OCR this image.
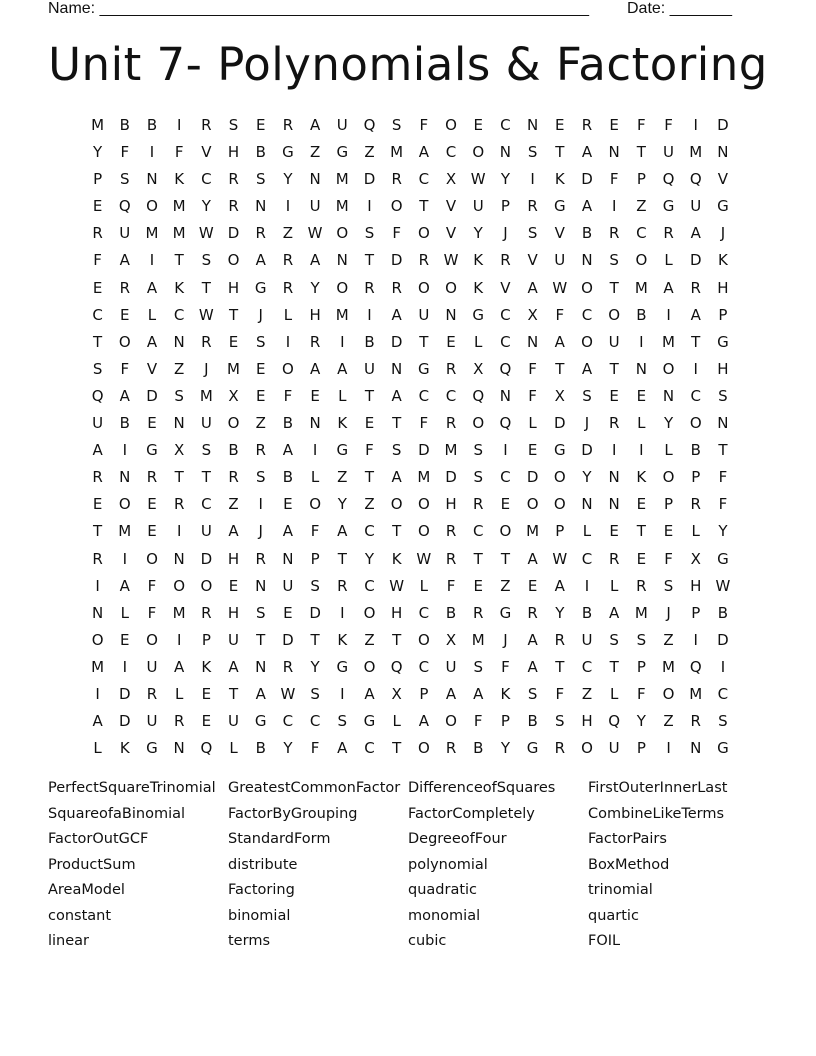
Name: _______________________________________________________ Date: _______
Unit 7- Polynomials & Factoring
M	B	B	I	R	S	E	R	A	U	Q	S	F	O	E	C	N	E	R	E	F	F	I	D
Y	F	I	F	V	H	B	G	Z	G	Z	M	A	C	O	N	S	T	A	N	T	U	M	N
P	S	N	K	C	R	S	Y	N	M D	R	C	X W	Y	I	K	D	F	P	Q	Q	V
E	Q	O M	Y	R	N	I	U	M	I	O	T	V	U	P	R	G	A	I	Z	G	U	G
R	U	M M W D	R	Z W O	S	F	O	V	Y	J	S	V	B	R	C	R	A	J
F	A	I	T	S	O	A	R	A	N	T	D	R W K	R	V	U	N	S	O	L	D	K
E	R	A	K	T	H	G	R	Y	O	R	R	O	O	K	V	A W O	T	M	A	R	H
C	E	L	C W	T	J	L	H	M	I	A	U	N	G	C	X	F	C	O	B	I	A	P
T	O	A	N	R	E	S	I	R	I	B	D	T	E	L	C	N	A	O	U	I	M	T	G
S	F	V	Z	J	M	E	O	A	A	U	N	G	R	X	Q	F	T	A	T	N	O	I	H
Q	A	D	S	M	X	E	F	E	L	T	A	C	C	Q	N	F	X	S	E	E	N	C	S
U	B	E	N	U	O	Z	B	N	K	E	T	F	R	O	Q	L	D	J	R	L	Y	O	N
A	I	G	X	S	B	R	A	I	G	F	S	D M	S	I	E	G	D	I	I	L	B	T
R	N	R	T	T	R	S	B	L	Z	T	A	M D	S	C	D	O	Y	N	K	O	P	F
E	O	E	R	C	Z	I	E	O	Y	Z	O	O	H	R	E	O	O	N	N	E	P	R	F
T	M	E	I	U	A	J	A	F	A	C	T	O	R	C	O M	P	L	E	T	E	L	Y
R	I	O	N	D	H	R	N	P	T	Y	K W R	T	T	A W C	R	E	F	X	G
I	A	F	O	O	E	N	U	S	R	C W	L	F	E	Z	E	A	I	L	R	S	H W
N	L	F	M	R	H	S	E	D	I	O	H	C	B	R	G	R	Y	B	A	M	J	P	B
O	E	O	I	P	U	T	D	T	K	Z	T	O	X	M	J	A	R	U	S	S	Z	I	D
M	I	U	A	K	A	N	R	Y	G	O	Q	C	U	S	F	A	T	C	T	P	M Q	I
I	D	R	L	E	T	A W	S	I	A	X	P	A	A	K	S	F	Z	L	F	O M	C
A	D	U	R	E	U	G	C	C	S	G	L	A	O	F	P	B	S	H	Q	Y	Z	R	S
L	K	G	N	Q	L	B	Y	F	A	C	T	O	R	B	Y	G	R	O	U	P	I	N	G
PerfectSquareTrinomial GreatestCommonFactor DifferenceofSquares	FirstOuterInnerLast
SquareofaBinomial	FactorByGrouping	FactorCompletely	CombineLikeTerms
FactorOutGCF	StandardForm	DegreeofFour	FactorPairs
ProductSum	distribute	polynomial	BoxMethod
AreaModel	Factoring	quadratic	trinomial
constant	binomial	monomial	quartic
linear	terms	cubic	FOIL
